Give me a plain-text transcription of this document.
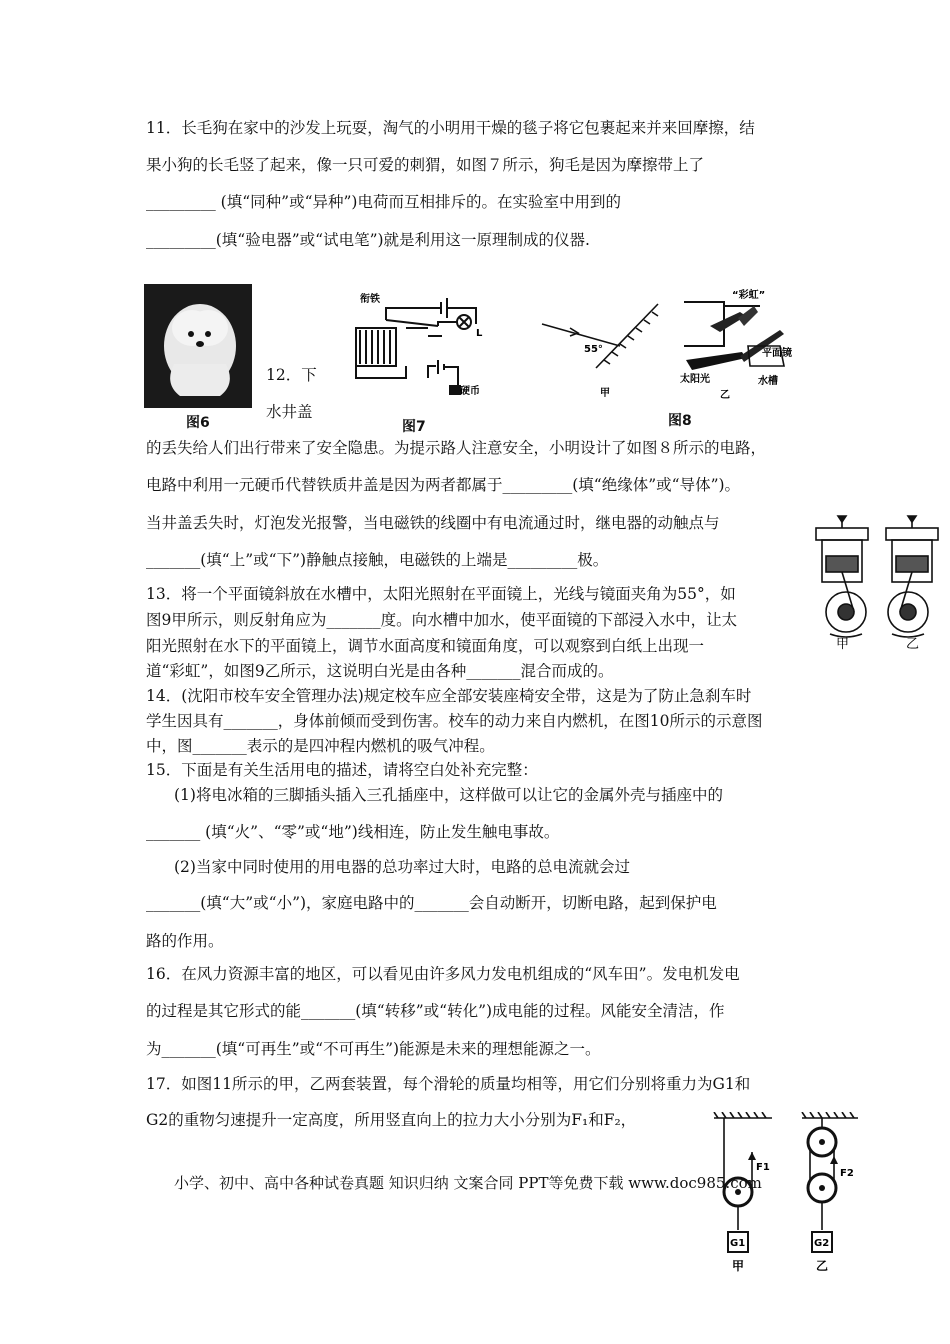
11．长毛狗在家中的沙发上玩耍，淘气的小明用干燥的毯子将它包裹起来并来回摩擦，结
果小狗的长毛竖了起来，像一只可爱的刺猬，如图７所示，狗毛是因为摩擦带上了
_________ (填“同种”或“异种”)电荷而互相排斥的。在实验室中用到的
_________(填“验电器”或“试电笔”)就是利用这一原理制成的仪器.
图6
12．下
水井盖
衔铁
L
硬币
图7
55°
甲
“彩虹”
平面镜
太阳光	水槽
乙
图8
的丢失给人们出行带来了安全隐患。为提示路人注意安全，小明设计了如图８所示的电路，
电路中利用一元硬币代替铁质井盖是因为两者都属于_________(填“绝缘体”或“导体”)。
当井盖丢失时，灯泡发光报警，当电磁铁的线圈中有电流通过时，继电器的动触点与
_______(填“上”或“下”)静触点接触，电磁铁的上端是_________极。
甲	乙
13．将一个平面镜斜放在水槽中，太阳光照射在平面镜上，光线与镜面夹角为55°，如
图9甲所示，则反射角应为_______度。向水槽中加水，使平面镜的下部浸入水中，让太
阳光照射在水下的平面镜上，调节水面高度和镜面角度，可以观察到白纸上出现一
道“彩虹”，如图9乙所示，这说明白光是由各种_______混合而成的。
14．(沈阳市校车安全管理办法)规定校车应全部安装座椅安全带，这是为了防止急刹车时
学生因具有_______，身体前倾而受到伤害。校车的动力来自内燃机，在图10所示的示意图
中，图_______表示的是四冲程内燃机的吸气冲程。
15．下面是有关生活用电的描述，请将空白处补充完整：
(1)将电冰箱的三脚插头插入三孔插座中，这样做可以让它的金属外壳与插座中的
_______ (填“火”、“零”或“地”)线相连，防止发生触电事故。
(2)当家中同时使用的用电器的总功率过大时，电路的总电流就会过
_______(填“大”或“小”)，家庭电路中的_______会自动断开，切断电路，起到保护电
路的作用。
16．在风力资源丰富的地区，可以看见由许多风力发电机组成的“风车田”。发电机发电
的过程是其它形式的能_______(填“转移”或“转化”)成电能的过程。风能安全清洁，作
为_______(填“可再生”或“不可再生”)能源是未来的理想能源之一。
17．如图11所示的甲，乙两套装置，每个滑轮的质量均相等，用它们分别将重力为G1和
G2的重物匀速提升一定高度，所用竖直向上的拉力大小分别为F₁和F₂，
F1
F2
G1	G2
甲	乙
小学、初中、高中各种试卷真题 知识归纳 文案合同 PPT等免费下载 www.doc985.com
